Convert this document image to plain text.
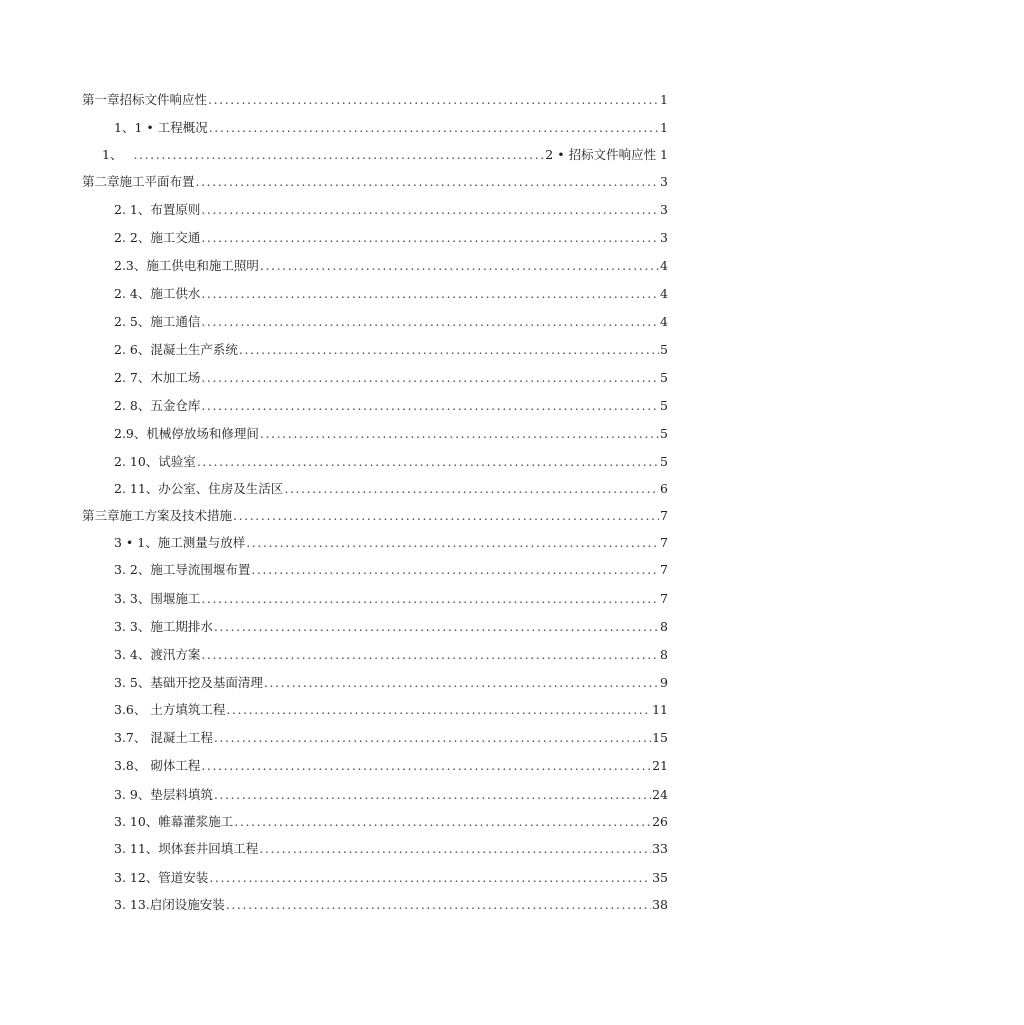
第一章招标文件响应性 .....	1
1、1 • 工程概况 .....	1
1、 .....	2 • 招标文件响应性 1
第二章施工平面布置 .....	3
2. 1、布置原则 .....	3
2. 2、施工交通 .....	3
2.3、施工供电和施工照明 .....	4
2. 4、施工供水 .....	4
2. 5、施工通信 .....	4
2. 6、混凝土生产系统 .....	5
2. 7、木加工场 .....	5
2. 8、五金仓库 .....	5
2.9、机械停放场和修理间 .....	5
2. 10、试验室 .....	5
2. 11、办公室、住房及生活区 .....	6
第三章施工方案及技术措施 .....	7
3 • 1、施工测量与放样 .....	7
3. 2、施工导流围堰布置 .....	7
3. 3、围堰施工 .....	7
3. 3、施工期排水 .....	8
3. 4、渡汛方案 .....	8
3. 5、基础开挖及基面清理 .....	9
3.6、 土方填筑工程 .....	11
3.7、 混凝土工程 .....	15
3.8、 砌体工程 .....	21
3. 9、垫层料填筑 .....	24
3. 10、帷幕灌浆施工 .....	26
3. 11、坝体套井回填工程 .....	33
3. 12、管道安装 .....	35
3. 13.启闭设施安装 .....	38
